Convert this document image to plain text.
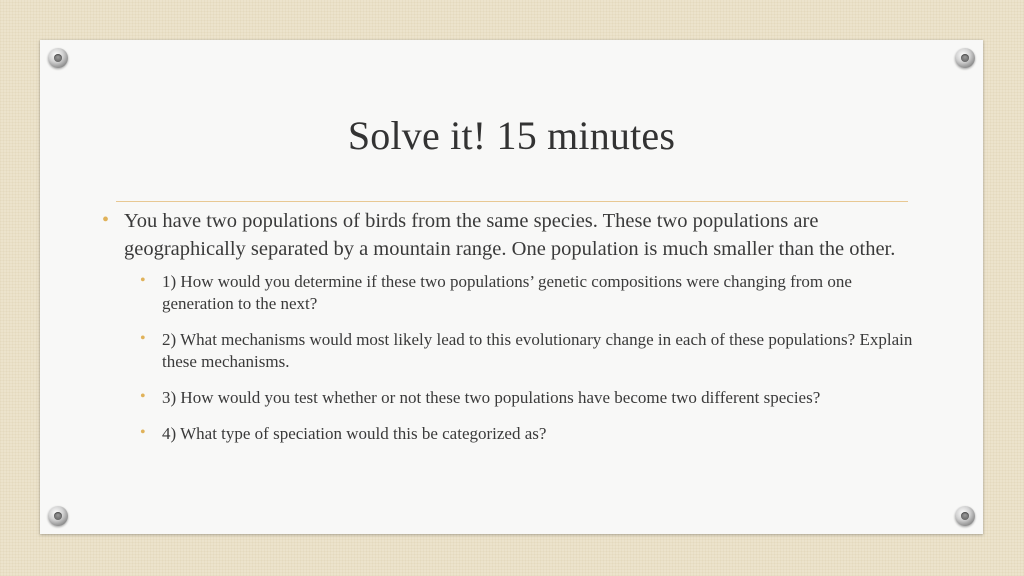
Solve it! 15 minutes
• You have two populations of birds from the same species. These two populations are geographically separated by a mountain range. One population is much smaller than the other.
• 1) How would you determine if these two populations’ genetic compositions were changing from one generation to the next?
• 2) What mechanisms would most likely lead to this evolutionary change in each of these populations? Explain these mechanisms.
• 3) How would you test whether or not these two populations have become two different species?
• 4) What type of speciation would this be categorized as?
